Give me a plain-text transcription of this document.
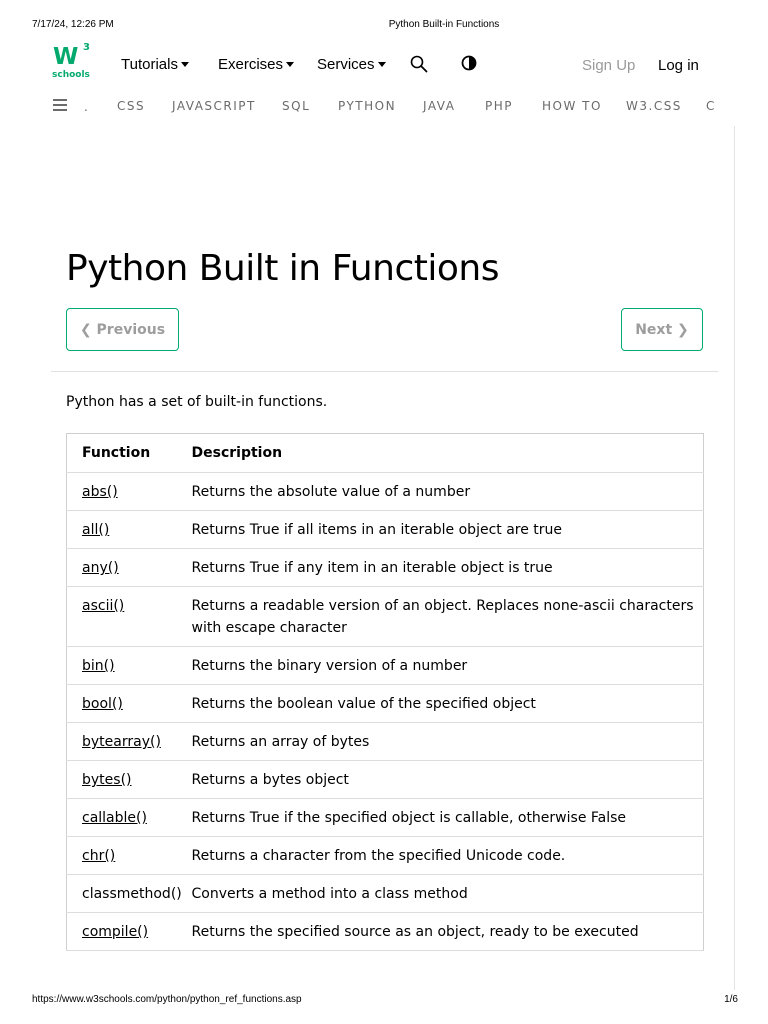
7/17/24, 12:26 PM	Python Built-in Functions
W 3
schools
Tutorials	Exercises	Services	Sign Up Log in
. CSS JAVASCRIPT SQL PYTHON JAVA PHP HOW TO W3.CSS C
Python Built in Functions
❮ Previous	Next ❯

Python has a set of built-in functions.

Function	Description
abs()	Returns the absolute value of a number
all()	Returns True if all items in an iterable object are true
any()	Returns True if any item in an iterable object is true
ascii()	Returns a readable version of an object. Replaces none-ascii characters with escape character
bin()	Returns the binary version of a number
bool()	Returns the boolean value of the specified object
bytearray()	Returns an array of bytes
bytes()	Returns a bytes object
callable()	Returns True if the specified object is callable, otherwise False
chr()	Returns a character from the specified Unicode code.
classmethod()	Converts a method into a class method
compile()	Returns the specified source as an object, ready to be executed
https://www.w3schools.com/python/python_ref_functions.asp	1/6
